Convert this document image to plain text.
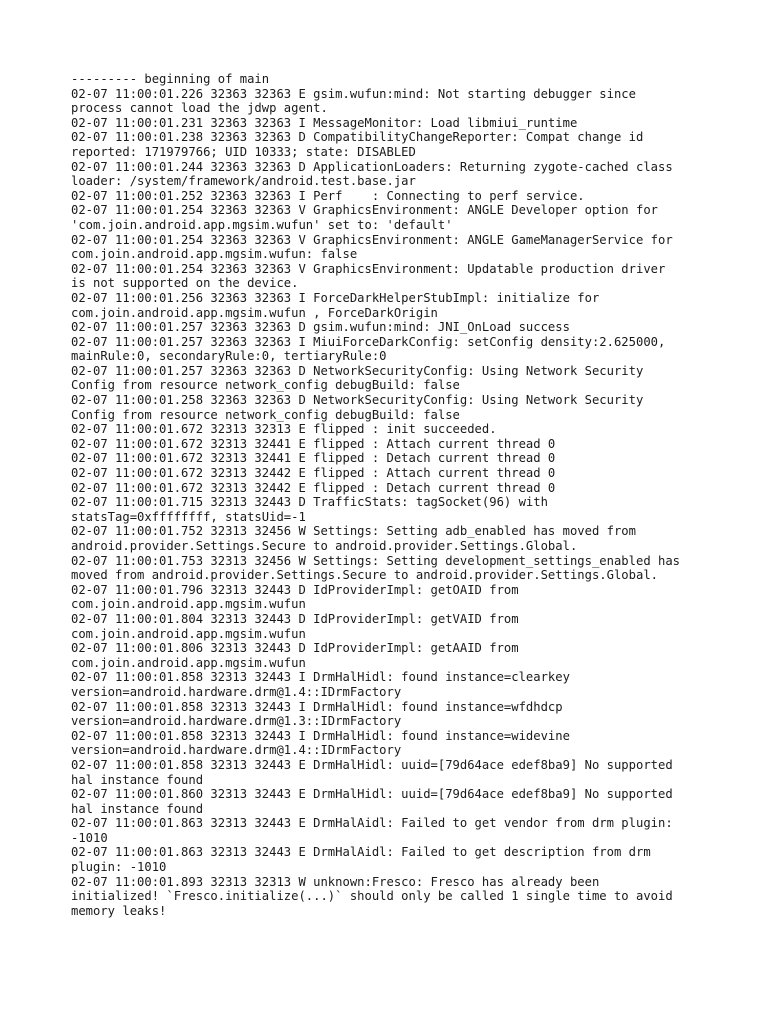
--------- beginning of main
02-07 11:00:01.226 32363 32363 E gsim.wufun:mind: Not starting debugger since
process cannot load the jdwp agent.
02-07 11:00:01.231 32363 32363 I MessageMonitor: Load libmiui_runtime
02-07 11:00:01.238 32363 32363 D CompatibilityChangeReporter: Compat change id
reported: 171979766; UID 10333; state: DISABLED
02-07 11:00:01.244 32363 32363 D ApplicationLoaders: Returning zygote-cached class
loader: /system/framework/android.test.base.jar
02-07 11:00:01.252 32363 32363 I Perf    : Connecting to perf service.
02-07 11:00:01.254 32363 32363 V GraphicsEnvironment: ANGLE Developer option for
'com.join.android.app.mgsim.wufun' set to: 'default'
02-07 11:00:01.254 32363 32363 V GraphicsEnvironment: ANGLE GameManagerService for
com.join.android.app.mgsim.wufun: false
02-07 11:00:01.254 32363 32363 V GraphicsEnvironment: Updatable production driver
is not supported on the device.
02-07 11:00:01.256 32363 32363 I ForceDarkHelperStubImpl: initialize for
com.join.android.app.mgsim.wufun , ForceDarkOrigin
02-07 11:00:01.257 32363 32363 D gsim.wufun:mind: JNI_OnLoad success
02-07 11:00:01.257 32363 32363 I MiuiForceDarkConfig: setConfig density:2.625000,
mainRule:0, secondaryRule:0, tertiaryRule:0
02-07 11:00:01.257 32363 32363 D NetworkSecurityConfig: Using Network Security
Config from resource network_config debugBuild: false
02-07 11:00:01.258 32363 32363 D NetworkSecurityConfig: Using Network Security
Config from resource network_config debugBuild: false
02-07 11:00:01.672 32313 32313 E flipped : init succeeded.
02-07 11:00:01.672 32313 32441 E flipped : Attach current thread 0
02-07 11:00:01.672 32313 32441 E flipped : Detach current thread 0
02-07 11:00:01.672 32313 32442 E flipped : Attach current thread 0
02-07 11:00:01.672 32313 32442 E flipped : Detach current thread 0
02-07 11:00:01.715 32313 32443 D TrafficStats: tagSocket(96) with
statsTag=0xffffffff, statsUid=-1
02-07 11:00:01.752 32313 32456 W Settings: Setting adb_enabled has moved from
android.provider.Settings.Secure to android.provider.Settings.Global.
02-07 11:00:01.753 32313 32456 W Settings: Setting development_settings_enabled has
moved from android.provider.Settings.Secure to android.provider.Settings.Global.
02-07 11:00:01.796 32313 32443 D IdProviderImpl: getOAID from
com.join.android.app.mgsim.wufun
02-07 11:00:01.804 32313 32443 D IdProviderImpl: getVAID from
com.join.android.app.mgsim.wufun
02-07 11:00:01.806 32313 32443 D IdProviderImpl: getAAID from
com.join.android.app.mgsim.wufun
02-07 11:00:01.858 32313 32443 I DrmHalHidl: found instance=clearkey
version=android.hardware.drm@1.4::IDrmFactory
02-07 11:00:01.858 32313 32443 I DrmHalHidl: found instance=wfdhdcp
version=android.hardware.drm@1.3::IDrmFactory
02-07 11:00:01.858 32313 32443 I DrmHalHidl: found instance=widevine
version=android.hardware.drm@1.4::IDrmFactory
02-07 11:00:01.858 32313 32443 E DrmHalHidl: uuid=[79d64ace edef8ba9] No supported
hal instance found
02-07 11:00:01.860 32313 32443 E DrmHalHidl: uuid=[79d64ace edef8ba9] No supported
hal instance found
02-07 11:00:01.863 32313 32443 E DrmHalAidl: Failed to get vendor from drm plugin:
-1010
02-07 11:00:01.863 32313 32443 E DrmHalAidl: Failed to get description from drm
plugin: -1010
02-07 11:00:01.893 32313 32313 W unknown:Fresco: Fresco has already been
initialized! `Fresco.initialize(...)` should only be called 1 single time to avoid
memory leaks!
